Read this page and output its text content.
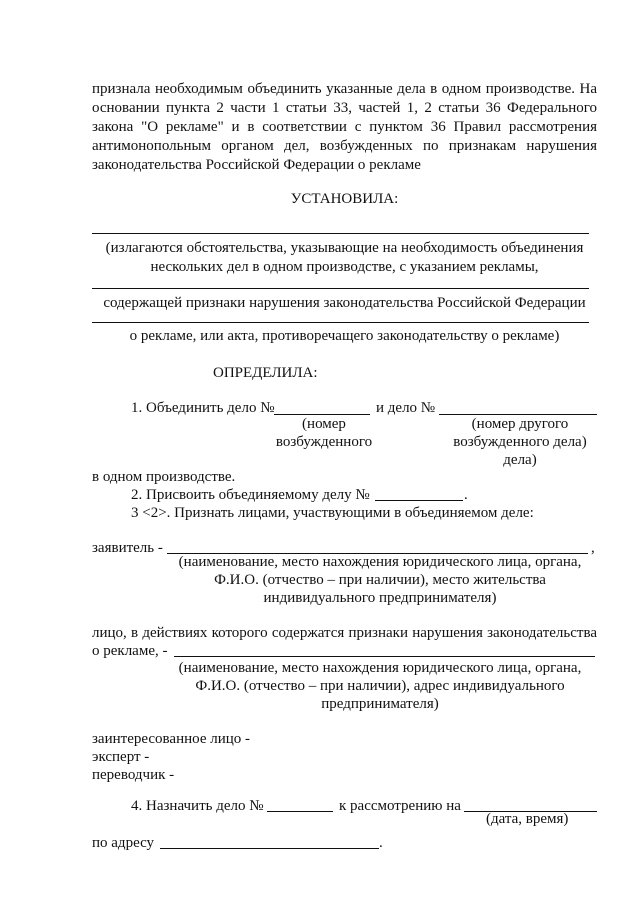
признала необходимым объединить указанные дела в одном производстве. На
основании пункта 2 части 1 статьи 33, частей 1, 2 статьи 36 Федерального
закона "О рекламе" и в соответствии с пунктом 36 Правил рассмотрения
антимонопольным органом дел, возбужденных по признакам нарушения
законодательства Российской Федерации о рекламе
УСТАНОВИЛА:
(излагаются обстоятельства, указывающие на необходимость объединения
нескольких дел в одном производстве, с указанием рекламы,
содержащей признаки нарушения законодательства Российской Федерации
о рекламе, или акта, противоречащего законодательству о рекламе)
ОПРЕДЕЛИЛА:
1. Объединить дело №	и дело №
(номер
возбужденного
(номер другого
возбужденного дела)
дела)
в одном производстве.
2. Присвоить объединяемому делу №	.
3 <2>. Признать лицами, участвующими в объединяемом деле:
заявитель -	,
(наименование, место нахождения юридического лица, органа,
Ф.И.О. (отчество – при наличии), место жительства
индивидуального предпринимателя)
лицо, в действиях которого содержатся признаки нарушения законодательства
о рекламе, -
(наименование, место нахождения юридического лица, органа,
Ф.И.О. (отчество – при наличии), адрес индивидуального
предпринимателя)
заинтересованное лицо -
эксперт -
переводчик -
4. Назначить дело №	к рассмотрению на
(дата, время)
по адресу	.
